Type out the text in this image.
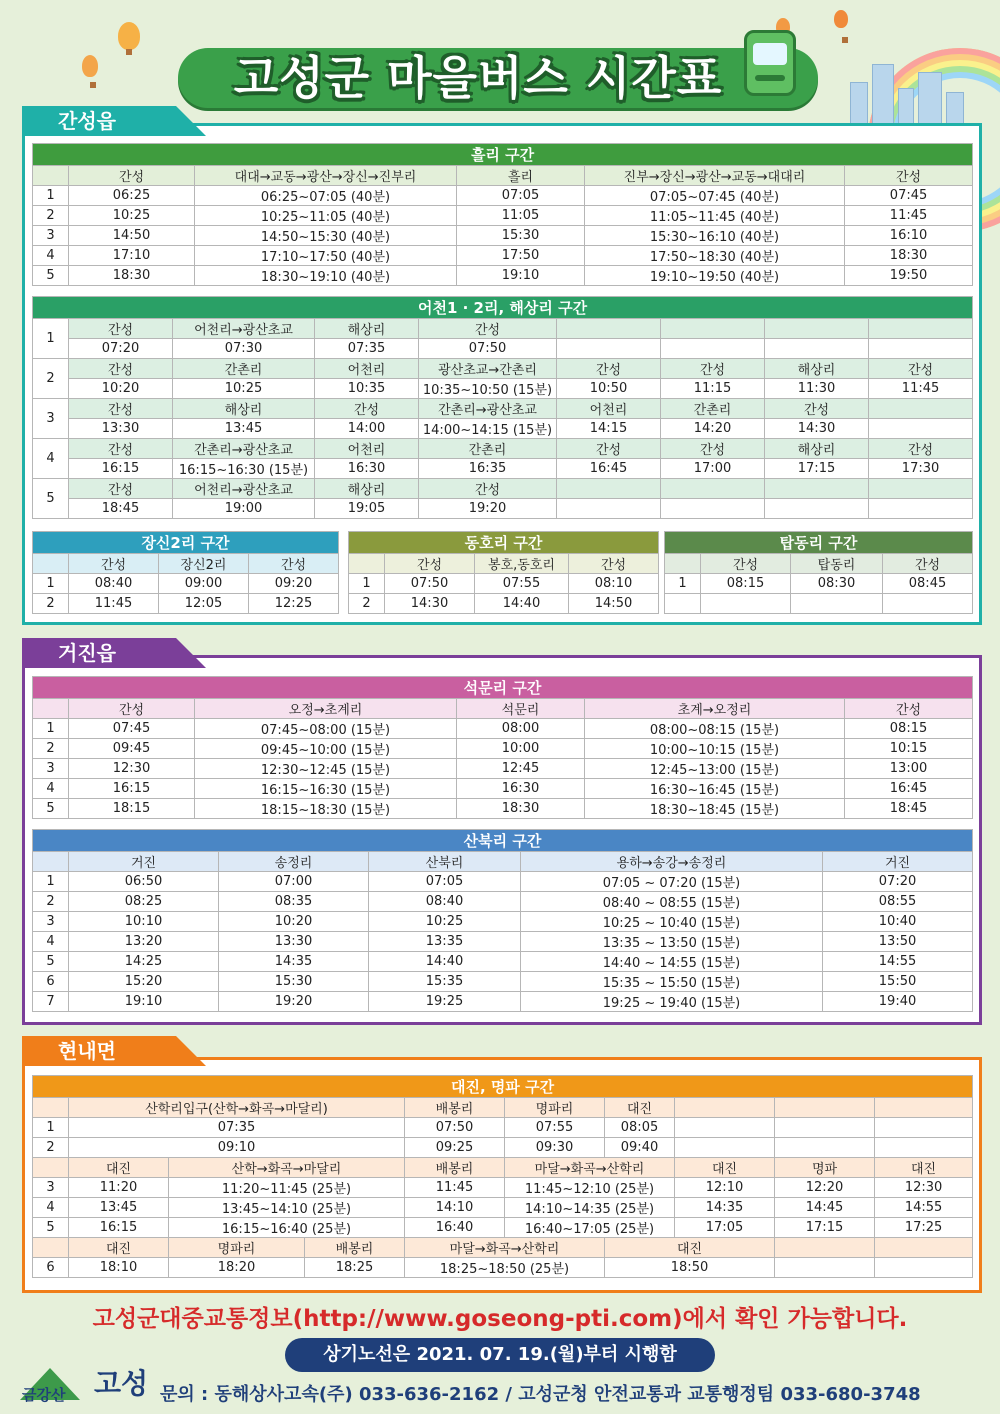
고성군 마을버스 시간표
간성읍
흘리 구간					
	간성	대대→교동→광산→장신→진부리	흘리	진부→장신→광산→교동→대대리	간성
1	06:25	06:25~07:05 (40분)	07:05	07:05~07:45 (40분)	07:45
2	10:25	10:25~11:05 (40분)	11:05	11:05~11:45 (40분)	11:45
3	14:50	14:50~15:30 (40분)	15:30	15:30~16:10 (40분)	16:10
4	17:10	17:10~17:50 (40분)	17:50	17:50~18:30 (40분)	18:30
5	18:30	18:30~19:10 (40분)	19:10	19:10~19:50 (40분)	19:50
어천1 · 2리, 해상리 구간								
1	간성	어천리→광산초교	해상리	간성				
	07:20	07:30	07:35	07:50				
2	간성	간촌리	어천리	광산초교→간촌리	간성	간성	해상리	간성
	10:20	10:25	10:35	10:35~10:50 (15분)	10:50	11:15	11:30	11:45
3	간성	해상리	간성	간촌리→광산초교	어천리	간촌리	간성	
	13:30	13:45	14:00	14:00~14:15 (15분)	14:15	14:20	14:30	
4	간성	간촌리→광산초교	어천리	간촌리	간성	간성	해상리	간성
	16:15	16:15~16:30 (15분)	16:30	16:35	16:45	17:00	17:15	17:30
5	간성	어천리→광산초교	해상리	간성				
	18:45	19:00	19:05	19:20				
장신2리 구간			
	간성	장신2리	간성
1	08:40	09:00	09:20
2	11:45	12:05	12:25
동호리 구간			
	간성	봉호,동호리	간성
1	07:50	07:55	08:10
2	14:30	14:40	14:50
탑동리 구간			
	간성	탑동리	간성
1	08:15	08:30	08:45

거진읍
석문리 구간					
	간성	오정→초계리	석문리	초계→오정리	간성
1	07:45	07:45~08:00 (15분)	08:00	08:00~08:15 (15분)	08:15
2	09:45	09:45~10:00 (15분)	10:00	10:00~10:15 (15분)	10:15
3	12:30	12:30~12:45 (15분)	12:45	12:45~13:00 (15분)	13:00
4	16:15	16:15~16:30 (15분)	16:30	16:30~16:45 (15분)	16:45
5	18:15	18:15~18:30 (15분)	18:30	18:30~18:45 (15분)	18:45
산북리 구간					
	거진	송정리	산북리	용하→송강→송정리	거진
1	06:50	07:00	07:05	07:05 ~ 07:20 (15분)	07:20
2	08:25	08:35	08:40	08:40 ~ 08:55 (15분)	08:55
3	10:10	10:20	10:25	10:25 ~ 10:40 (15분)	10:40
4	13:20	13:30	13:35	13:35 ~ 13:50 (15분)	13:50
5	14:25	14:35	14:40	14:40 ~ 14:55 (15분)	14:55
6	15:20	15:30	15:35	15:35 ~ 15:50 (15분)	15:50
7	19:10	19:20	19:25	19:25 ~ 19:40 (15분)	19:40
현내면
대진, 명파 구간									
	산학리입구(산학→화곡→마달리)			배봉리	명파리	대진			
1	07:35			07:50	07:55	08:05			
2	09:10			09:25	09:30	09:40			
	대진	산학→화곡→마달리		배봉리	마달→화곡→산학리		대진	명파	대진
3	11:20	11:20~11:45 (25분)		11:45	11:45~12:10 (25분)		12:10	12:20	12:30
4	13:45	13:45~14:10 (25분)		14:10	14:10~14:35 (25분)		14:35	14:45	14:55
5	16:15	16:15~16:40 (25분)		16:40	16:40~17:05 (25분)		17:05	17:15	17:25
	대진	명파리	배봉리	마달→화곡→산학리		대진			
6	18:10	18:20	18:25	18:25~18:50 (25분)		18:50			
고성군대중교통정보(http://www.goseong-pti.com)에서 확인 가능합니다.
상기노선은 2021. 07. 19.(월)부터 시행함
금강산 고성 문의 : 동해상사고속(주) 033-636-2162 / 고성군청 안전교통과 교통행정팀 033-680-3748
